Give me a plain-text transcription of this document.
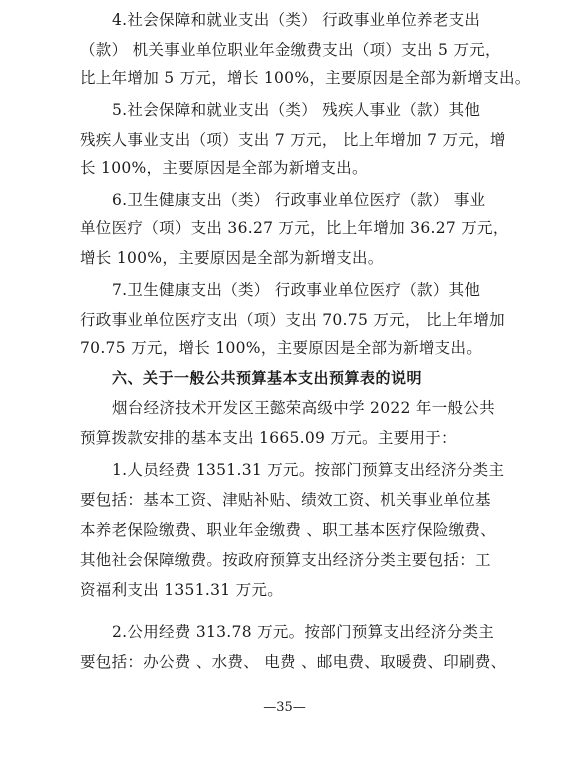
4.社会保障和就业支出（类） 行政事业单位养老支出
（款） 机关事业单位职业年金缴费支出（项）支出 5 万元，
比上年增加 5 万元，增长 100%，主要原因是全部为新增支出。
5.社会保障和就业支出（类） 残疾人事业（款）其他
残疾人事业支出（项）支出 7 万元， 比上年增加 7 万元，增
长 100%，主要原因是全部为新增支出。
6.卫生健康支出（类） 行政事业单位医疗（款） 事业
单位医疗（项）支出 36.27 万元，比上年增加 36.27 万元，
增长 100%，主要原因是全部为新增支出。
7.卫生健康支出（类） 行政事业单位医疗（款）其他
行政事业单位医疗支出（项）支出 70.75 万元， 比上年增加
70.75 万元，增长 100%，主要原因是全部为新增支出。
六、关于一般公共预算基本支出预算表的说明
烟台经济技术开发区王懿荣高级中学 2022 年一般公共
预算拨款安排的基本支出 1665.09 万元。主要用于：
1.人员经费 1351.31 万元。按部门预算支出经济分类主
要包括：基本工资、津贴补贴、绩效工资、机关事业单位基
本养老保险缴费、职业年金缴费 、职工基本医疗保险缴费、
其他社会保障缴费。按政府预算支出经济分类主要包括：工
资福利支出 1351.31 万元。
2.公用经费 313.78 万元。按部门预算支出经济分类主
要包括：办公费 、水费、 电费 、邮电费、取暖费、印刷费、
—35—
